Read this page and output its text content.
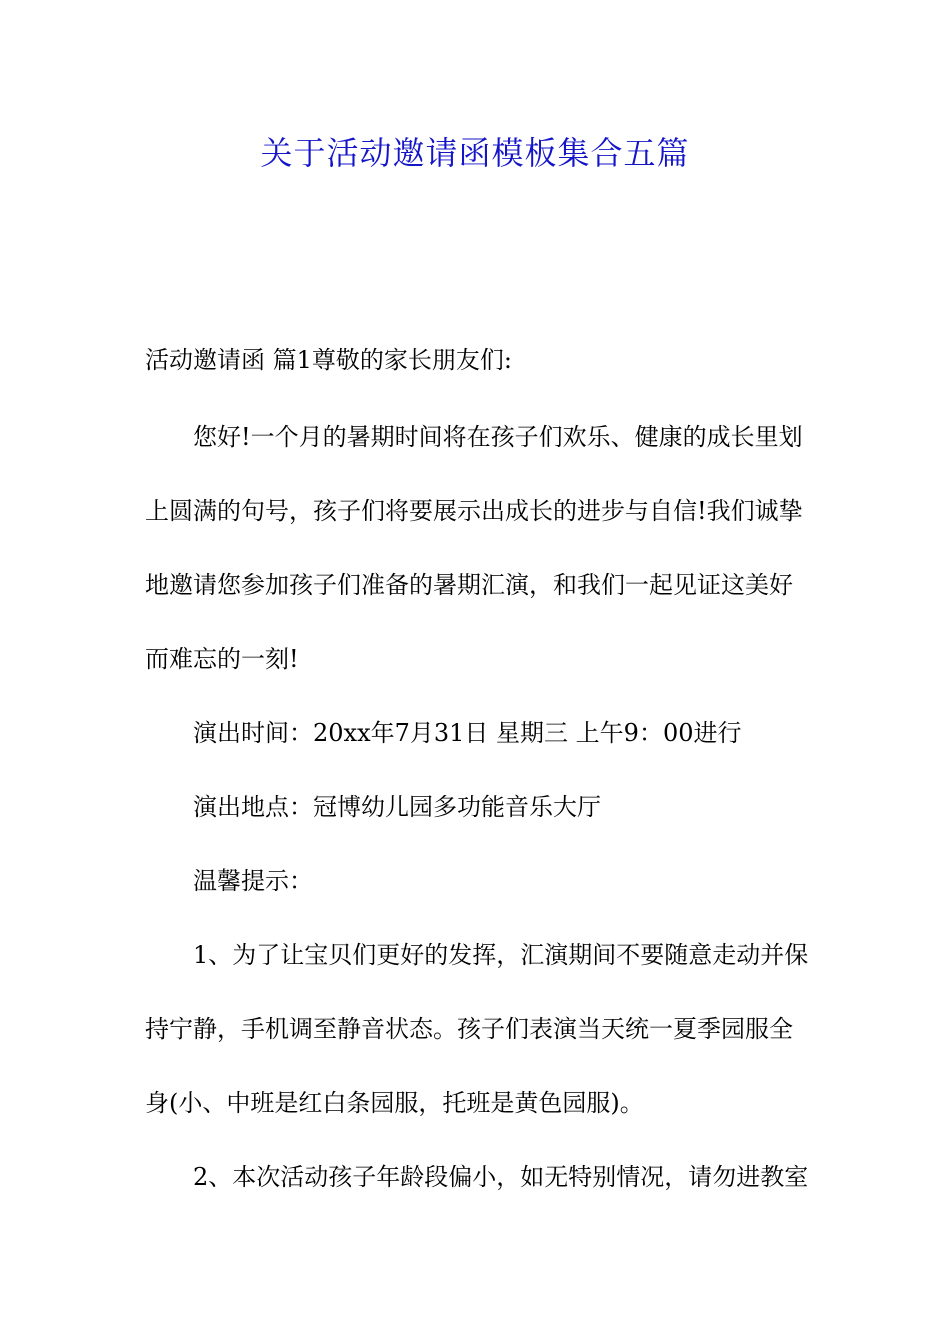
关于活动邀请函模板集合五篇
活动邀请函 篇1尊敬的家长朋友们:
您好!一个月的暑期时间将在孩子们欢乐、健康的成长里划
上圆满的句号，孩子们将要展示出成长的进步与自信!我们诚挚
地邀请您参加孩子们准备的暑期汇演，和我们一起见证这美好
而难忘的一刻!
演出时间：20xx年7月31日 星期三 上午9：00进行
演出地点：冠博幼儿园多功能音乐大厅
温馨提示：
1、为了让宝贝们更好的发挥，汇演期间不要随意走动并保
持宁静，手机调至静音状态。孩子们表演当天统一夏季园服全
身(小、中班是红白条园服，托班是黄色园服)。
2、本次活动孩子年龄段偏小，如无特别情况，请勿进教室
